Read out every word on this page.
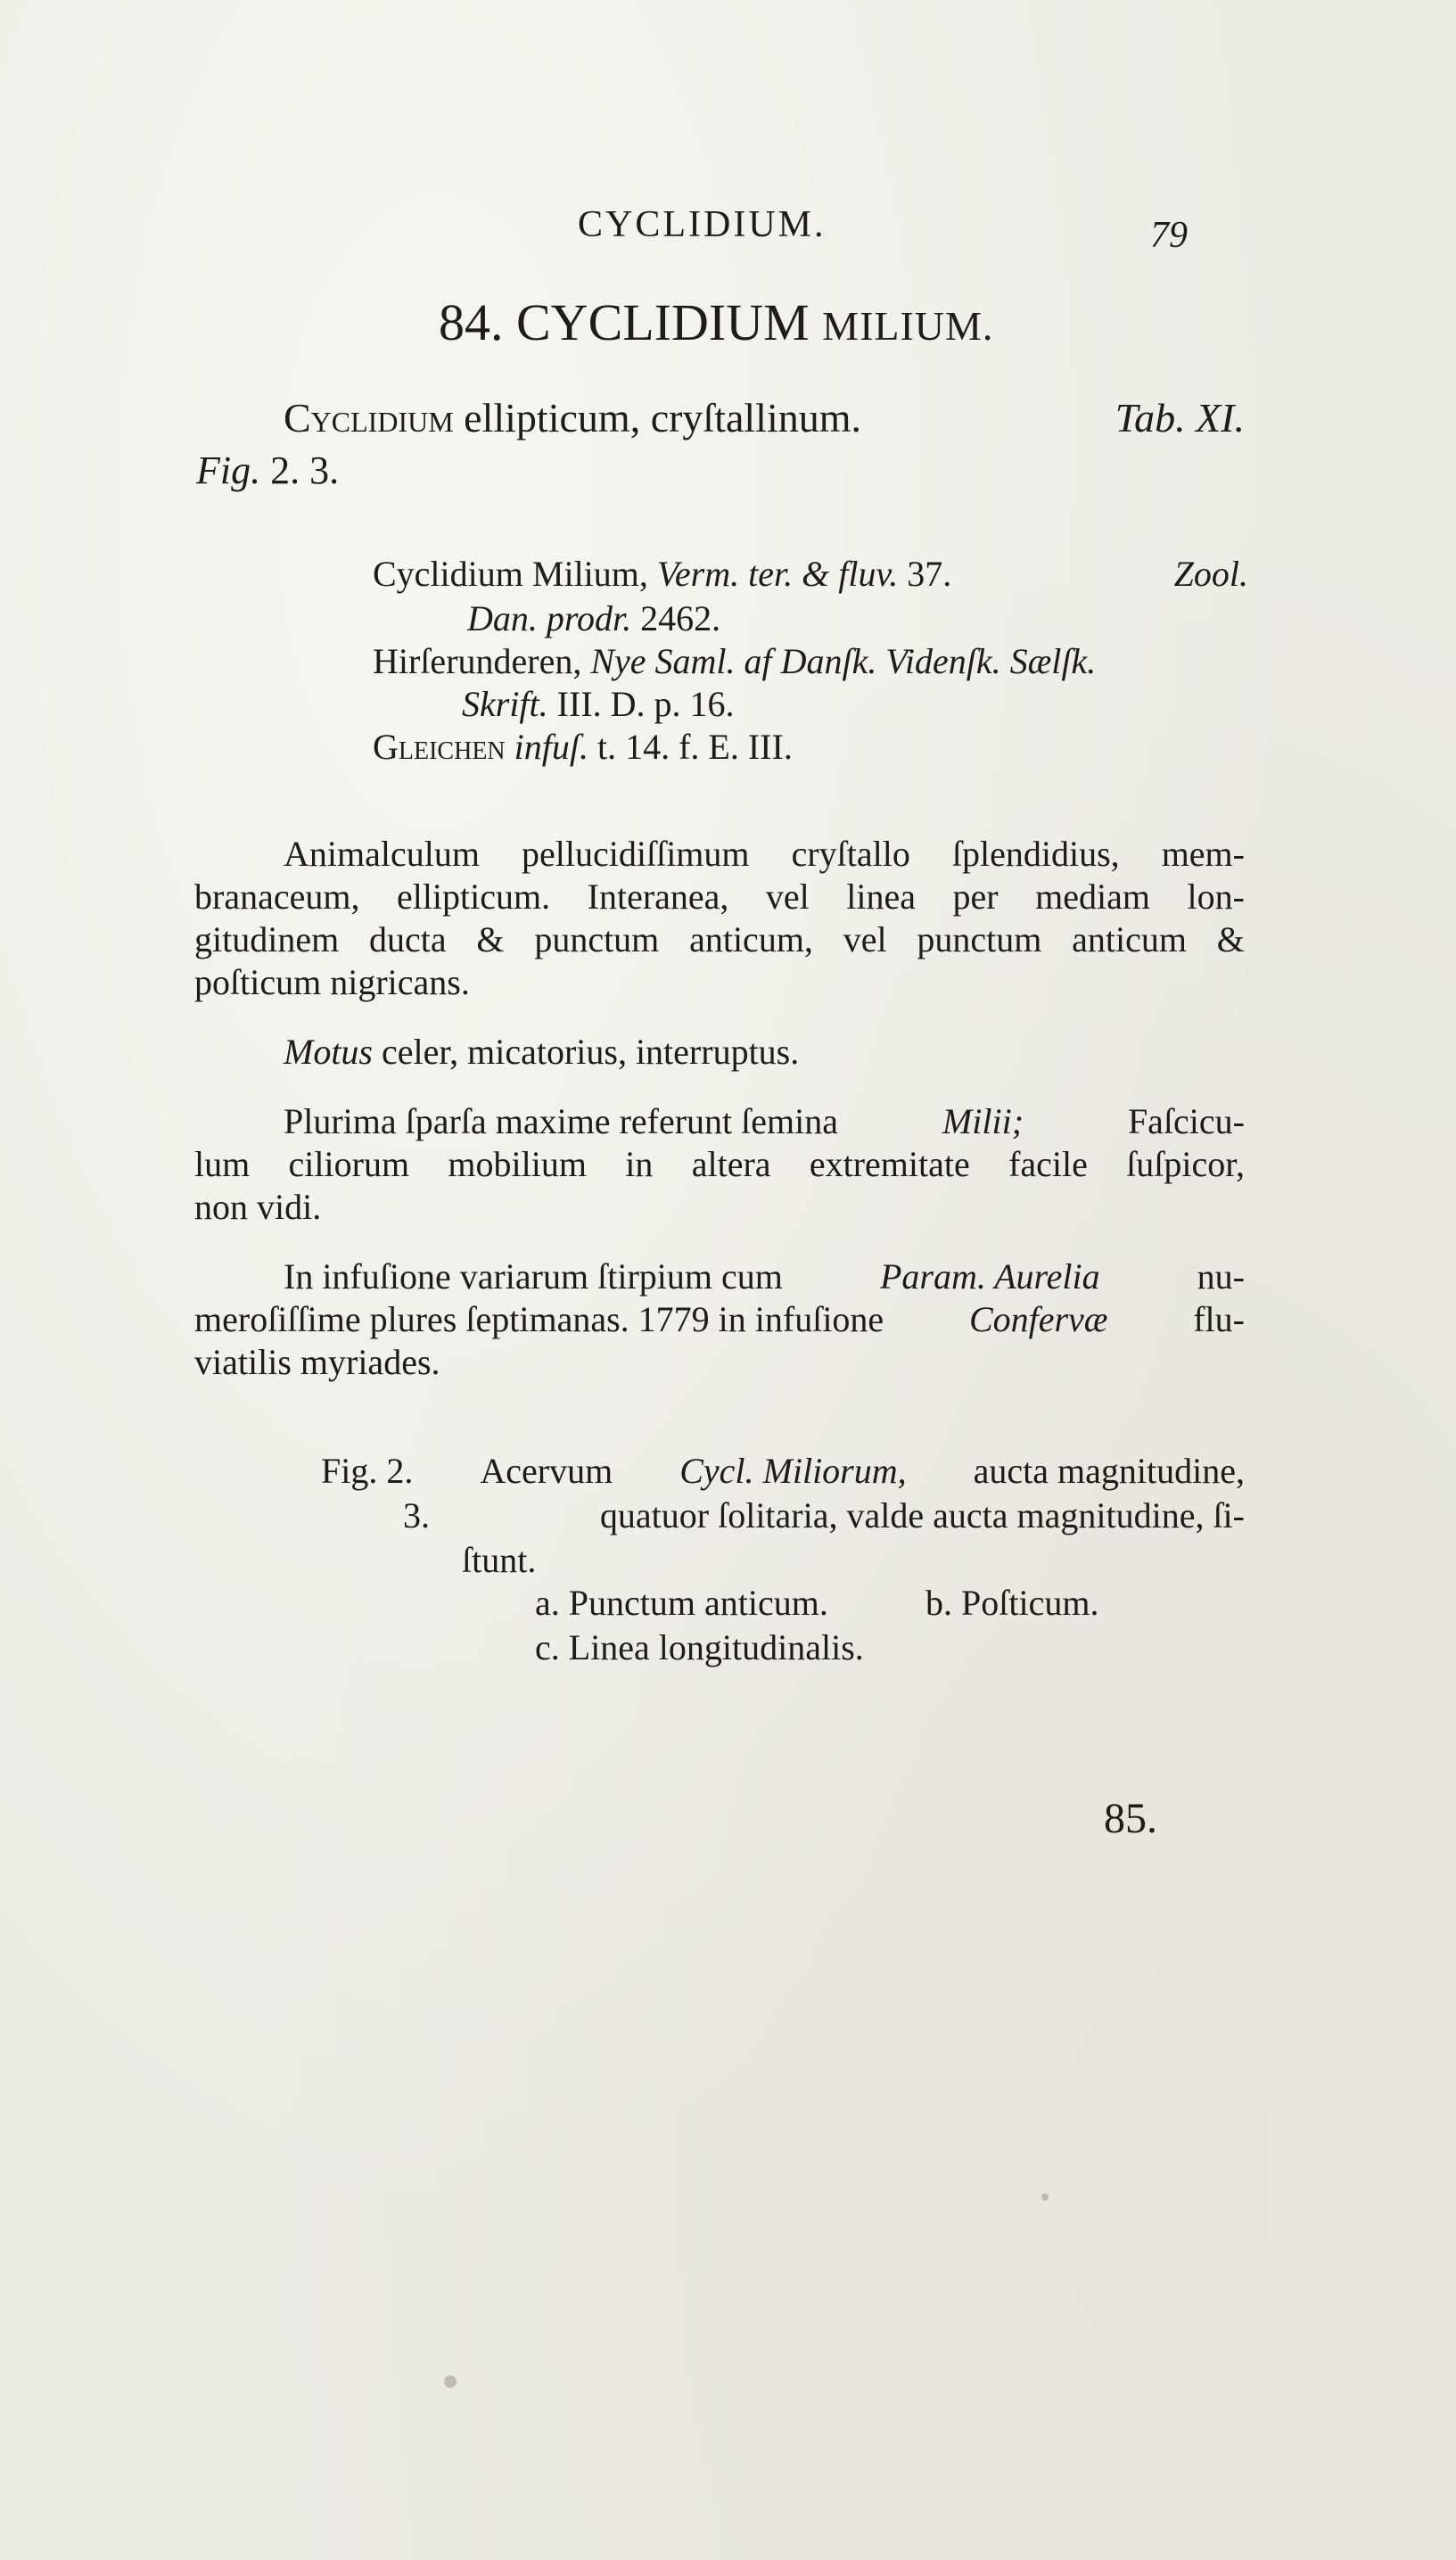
CYCLIDIUM.	79
84. CYCLIDIUM MILIUM.
Cyclidium ellipticum, cryſtallinum.	Tab. XI.
Fig. 2. 3.
Cyclidium Milium, Verm. ter. & fluv. 37.	Zool.
Dan. prodr. 2462.
Hirſerunderen, Nye Saml. af Danſk. Videnſk. Sælſk.
Skrift. III. D. p. 16.
Gleichen infuſ. t. 14. f. E. III.
Animalculum pellucidiſſimum cryſtallo ſplendidius, mem-
branaceum, ellipticum. Interanea, vel linea per mediam lon-
gitudinem ducta & punctum anticum, vel punctum anticum &
poſticum nigricans.
Motus celer, micatorius, interruptus.
Plurima ſparſa maxime referunt ſemina	Milii;	Faſcicu-
lum ciliorum mobilium in altera extremitate facile ſuſpicor,
non vidi.
In infuſione variarum ſtirpium cum	Param. Aurelia	nu-
meroſiſſime plures ſeptimanas. 1779 in infuſione Confervæ flu-
viatilis myriades.
Fig. 2. Acervum Cycl. Miliorum, aucta magnitudine,
3.	quatuor ſolitaria, valde aucta magnitudine, ſi-
ſtunt.
a. Punctum anticum.	b. Poſticum.
c. Linea longitudinalis.
85.
